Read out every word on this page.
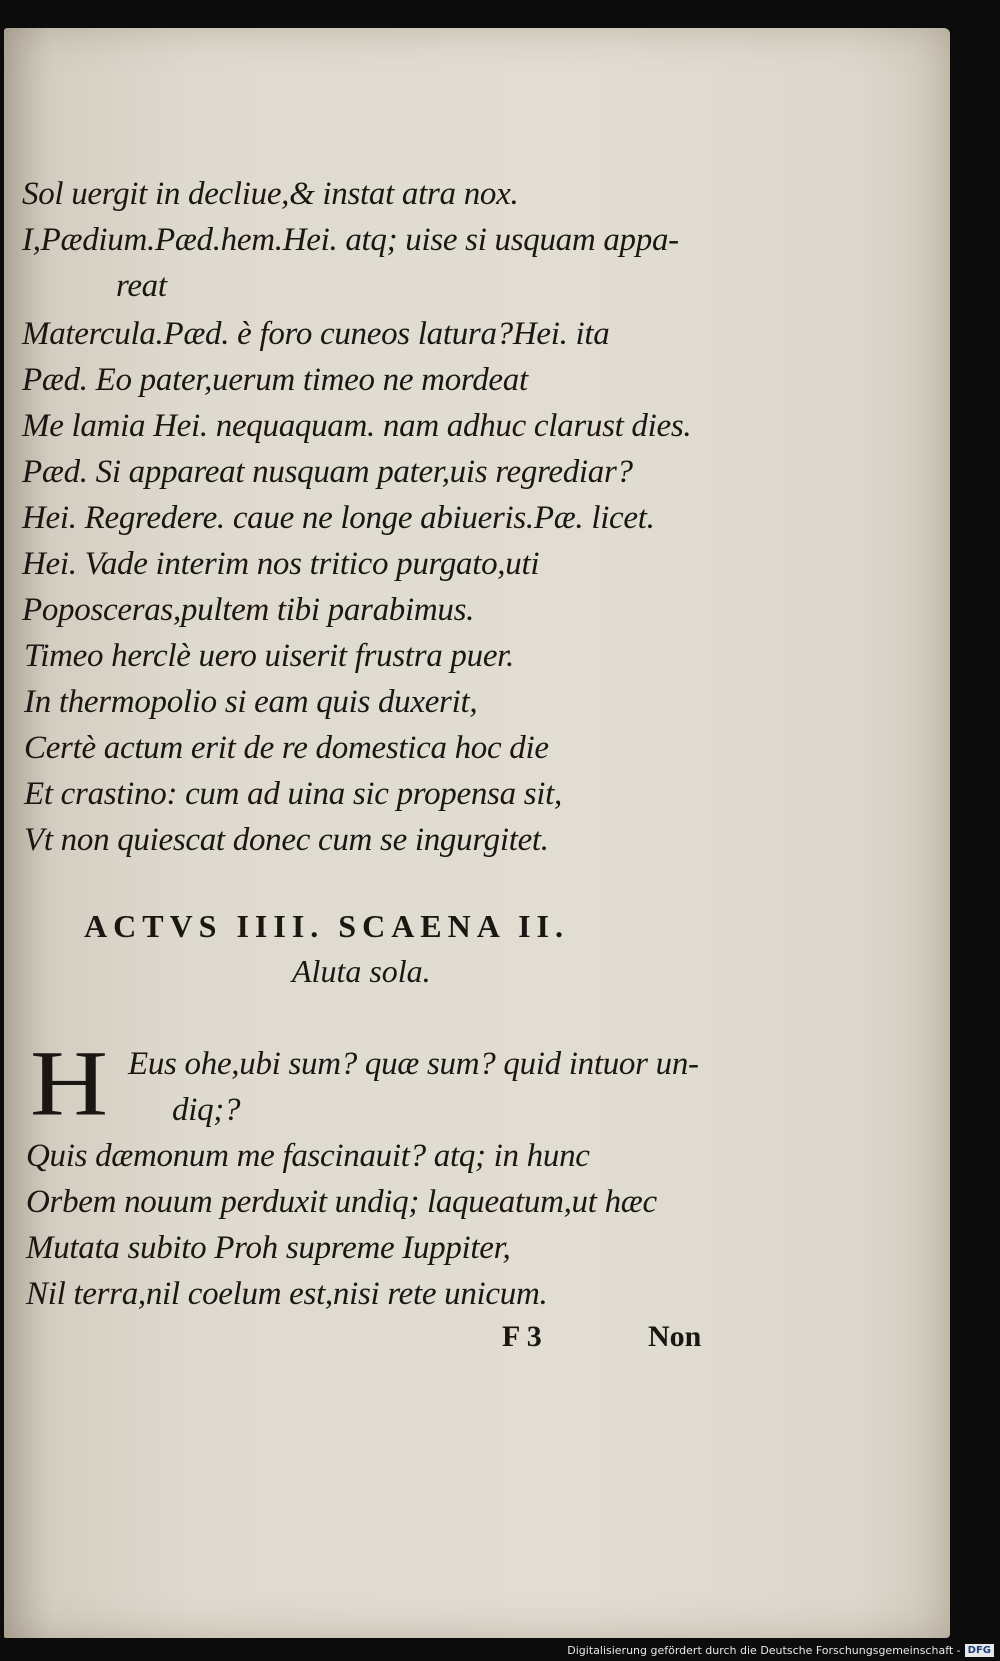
Sol uergit in decliue,& instat atra nox.
I,Pædium.Pæd.hem.Hei. atq; uise si usquam appa-
reat
Matercula.Pæd. è foro cuneos latura?Hei. ita
Pæd. Eo pater,uerum timeo ne mordeat
Me lamia Hei. nequaquam. nam adhuc clarust dies.
Pæd. Si appareat nusquam pater,uis regrediar?
Hei. Regredere. caue ne longe abiueris.Pæ. licet.
Hei. Vade interim nos tritico purgato,uti
Poposceras,pultem tibi parabimus.
Timeo herclè uero uiserit frustra puer.
In thermopolio si eam quis duxerit,
Certè actum erit de re domestica hoc die
Et crastino: cum ad uina sic propensa sit,
Vt non quiescat donec cum se ingurgitet.
ACTVS IIII. SCAENA II.
Aluta sola.
H Eus ohe,ubi sum? quæ sum? quid intuor un-
diq;?
Quis dæmonum me fascinauit? atq; in hunc
Orbem nouum perduxit undiq; laqueatum,ut hæc
Mutata subito Proh supreme Iuppiter,
Nil terra,nil coelum est,nisi rete unicum.
F 3	Non
Digitalisierung gefördert durch die Deutsche Forschungsgemeinschaft - DFG
